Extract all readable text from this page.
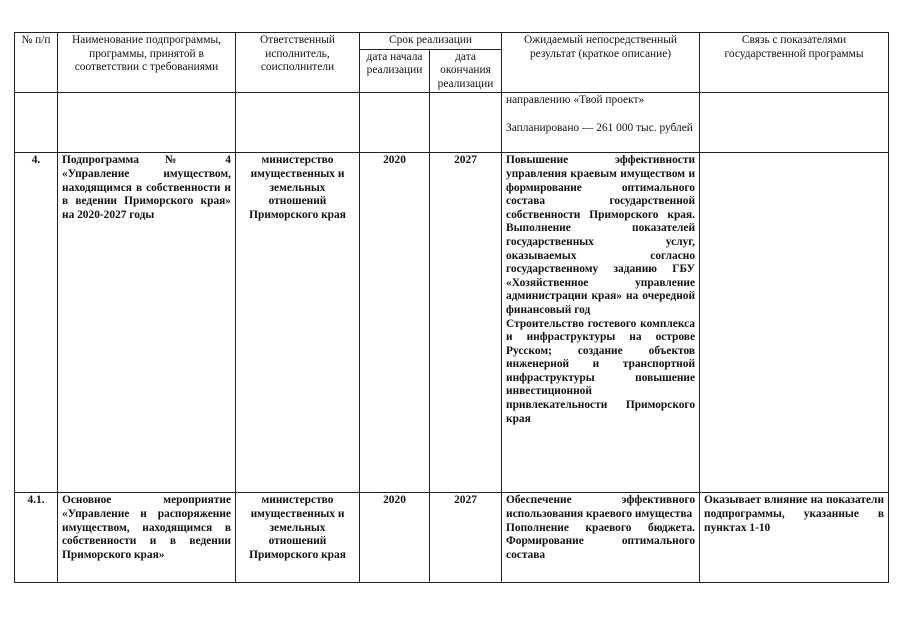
№ п/п	Наименование подпрограммы, программы, принятой в соответствии с требованиями	Ответственный исполнитель, соисполнители	Срок реализации		Ожидаемый непосредственный результат (краткое описание)	Связь с показателями государственной программы
			дата начала реализации	дата окончания реализации		

					направлению «Твой проект»
Запланировано — 261 000 тыс. рублей	

4.	Подпрограмма № 4 «Управление имуществом, находящимся в собственности и в ведении Приморского края» на 2020-2027 годы	министерство имущественных и земельных отношений Приморского края	2020	2027	Повышение эффективности управления краевым имуществом и формирование оптимального состава государственной собственности Приморского края. Выполнение показателей государственных услуг, оказываемых согласно государственному заданию ГБУ «Хозяйственное управление администрации края» на очередной финансовый год
Строительство гостевого комплекса и инфраструктуры на острове Русском; создание объектов инженерной и транспортной инфраструктуры повышение инвестиционной привлекательности Приморского края	

4.1.	Основное мероприятие «Управление и распоряжение имуществом, находящимся в собственности и в ведении Приморского края»	министерство имущественных и земельных отношений Приморского края	2020	2027	Обеспечение эффективного использования краевого имущества
Пополнение краевого бюджета. Формирование оптимального состава	Оказывает влияние на показатели подпрограммы, указанные в пунктах 1-10
